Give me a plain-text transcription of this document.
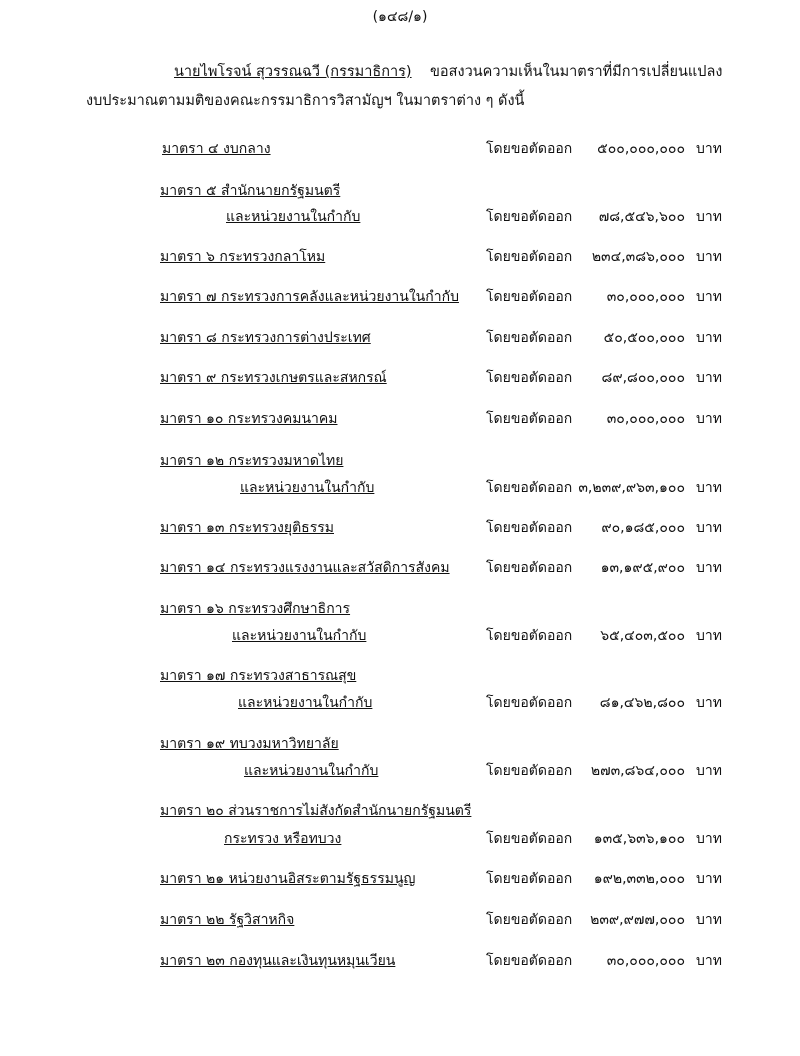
(๑๔๘/๑)
นายไพโรจน์ สุวรรณฉวี (กรรมาธิการ) ขอสงวนความเห็นในมาตราที่มีการเปลี่ยนแปลง
งบประมาณตามมติของคณะกรรมาธิการวิสามัญฯ ในมาตราต่าง ๆ ดังนี้
มาตรา ๔ งบกลาง	โดยขอตัดออก ๕๐๐,๐๐๐,๐๐๐ บาท
มาตรา ๕ สำนักนายกรัฐมนตรี
และหน่วยงานในกำกับ	โดยขอตัดออก ๗๘,๕๔๖,๖๐๐ บาท
มาตรา ๖ กระทรวงกลาโหม	โดยขอตัดออก ๒๓๔,๓๘๖,๐๐๐ บาท
มาตรา ๗ กระทรวงการคลังและหน่วยงานในกำกับ โดยขอตัดออก ๓๐,๐๐๐,๐๐๐ บาท
มาตรา ๘ กระทรวงการต่างประเทศ	โดยขอตัดออก ๕๐,๕๐๐,๐๐๐ บาท
มาตรา ๙ กระทรวงเกษตรและสหกรณ์	โดยขอตัดออก ๘๙,๘๐๐,๐๐๐ บาท
มาตรา ๑๐ กระทรวงคมนาคม	โดยขอตัดออก ๓๐,๐๐๐,๐๐๐ บาท
มาตรา ๑๒ กระทรวงมหาดไทย
และหน่วยงานในกำกับ	โดยขอตัดออก ๓,๒๓๙,๙๖๓,๑๐๐ บาท
มาตรา ๑๓ กระทรวงยุติธรรม	โดยขอตัดออก ๙๐,๑๘๕,๐๐๐ บาท
มาตรา ๑๔ กระทรวงแรงงานและสวัสดิการสังคม	โดยขอตัดออก ๑๓,๑๙๕,๙๐๐ บาท
มาตรา ๑๖ กระทรวงศึกษาธิการ
และหน่วยงานในกำกับ	โดยขอตัดออก ๖๕,๔๐๓,๕๐๐ บาท
มาตรา ๑๗ กระทรวงสาธารณสุข
และหน่วยงานในกำกับ	โดยขอตัดออก ๘๑,๔๖๒,๘๐๐ บาท
มาตรา ๑๙ ทบวงมหาวิทยาลัย
และหน่วยงานในกำกับ	โดยขอตัดออก ๒๗๓,๘๖๔,๐๐๐ บาท
มาตรา ๒๐ ส่วนราชการไม่สังกัดสำนักนายกรัฐมนตรี
กระทรวง หรือทบวง	โดยขอตัดออก ๑๓๕,๖๓๖,๑๐๐ บาท
มาตรา ๒๑ หน่วยงานอิสระตามรัฐธรรมนูญ	โดยขอตัดออก ๑๙๒,๓๓๒,๐๐๐ บาท
มาตรา ๒๒ รัฐวิสาหกิจ	โดยขอตัดออก ๒๓๙,๙๗๗,๐๐๐ บาท
มาตรา ๒๓ กองทุนและเงินทุนหมุนเวียน	โดยขอตัดออก ๓๐,๐๐๐,๐๐๐ บาท
